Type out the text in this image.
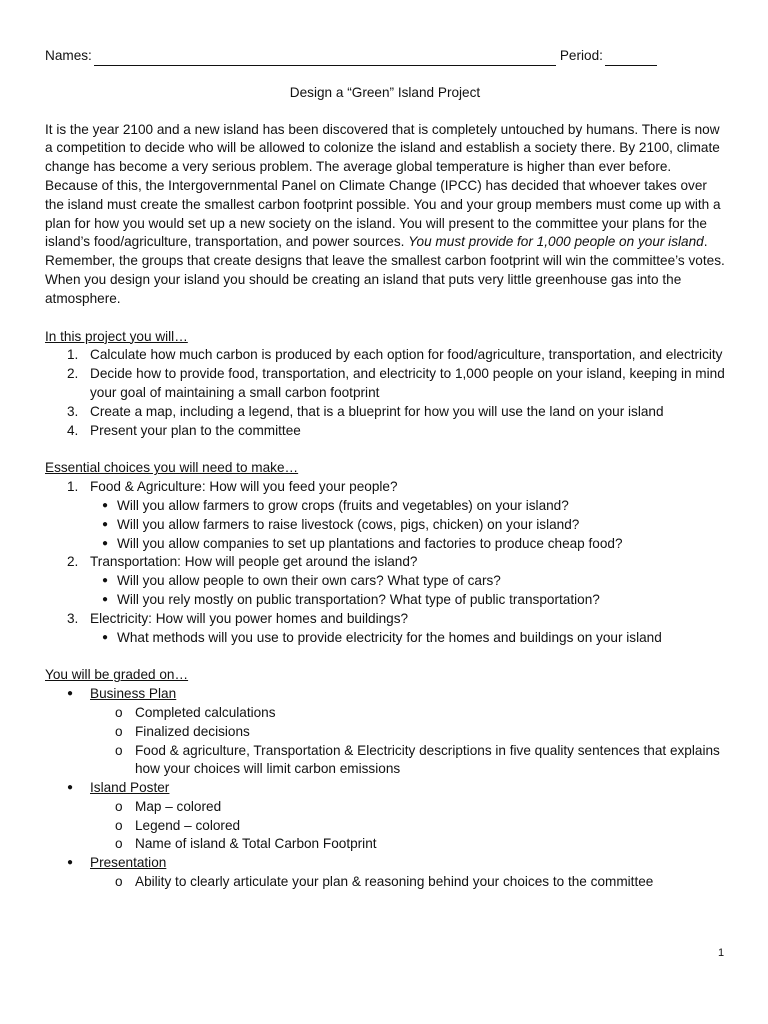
Names:	Period:
Design a “Green” Island Project
It is the year 2100 and a new island has been discovered that is completely untouched by humans. There is now a competition to decide who will be allowed to colonize the island and establish a society there. By 2100, climate change has become a very serious problem. The average global temperature is higher than ever before. Because of this, the Intergovernmental Panel on Climate Change (IPCC) has decided that whoever takes over the island must create the smallest carbon footprint possible. You and your group members must come up with a plan for how you would set up a new society on the island. You will present to the committee your plans for the island’s food/agriculture, transportation, and power sources. You must provide for 1,000 people on your island. Remember, the groups that create designs that leave the smallest carbon footprint will win the committee’s votes. When you design your island you should be creating an island that puts very little greenhouse gas into the atmosphere.
In this project you will…
1. Calculate how much carbon is produced by each option for food/agriculture, transportation, and electricity
2. Decide how to provide food, transportation, and electricity to 1,000 people on your island, keeping in mind your goal of maintaining a small carbon footprint
3. Create a map, including a legend, that is a blueprint for how you will use the land on your island
4. Present your plan to the committee
Essential choices you will need to make…
1. Food & Agriculture: How will you feed your people?
● Will you allow farmers to grow crops (fruits and vegetables) on your island?
● Will you allow farmers to raise livestock (cows, pigs, chicken) on your island?
● Will you allow companies to set up plantations and factories to produce cheap food?
2. Transportation: How will people get around the island?
● Will you allow people to own their own cars? What type of cars?
● Will you rely mostly on public transportation? What type of public transportation?
3. Electricity: How will you power homes and buildings?
● What methods will you use to provide electricity for the homes and buildings on your island
You will be graded on…
● Business Plan
o Completed calculations
o Finalized decisions
o Food & agriculture, Transportation & Electricity descriptions in five quality sentences that explains how your choices will limit carbon emissions
● Island Poster
o Map – colored
o Legend – colored
o Name of island & Total Carbon Footprint
● Presentation
o Ability to clearly articulate your plan & reasoning behind your choices to the committee
1
